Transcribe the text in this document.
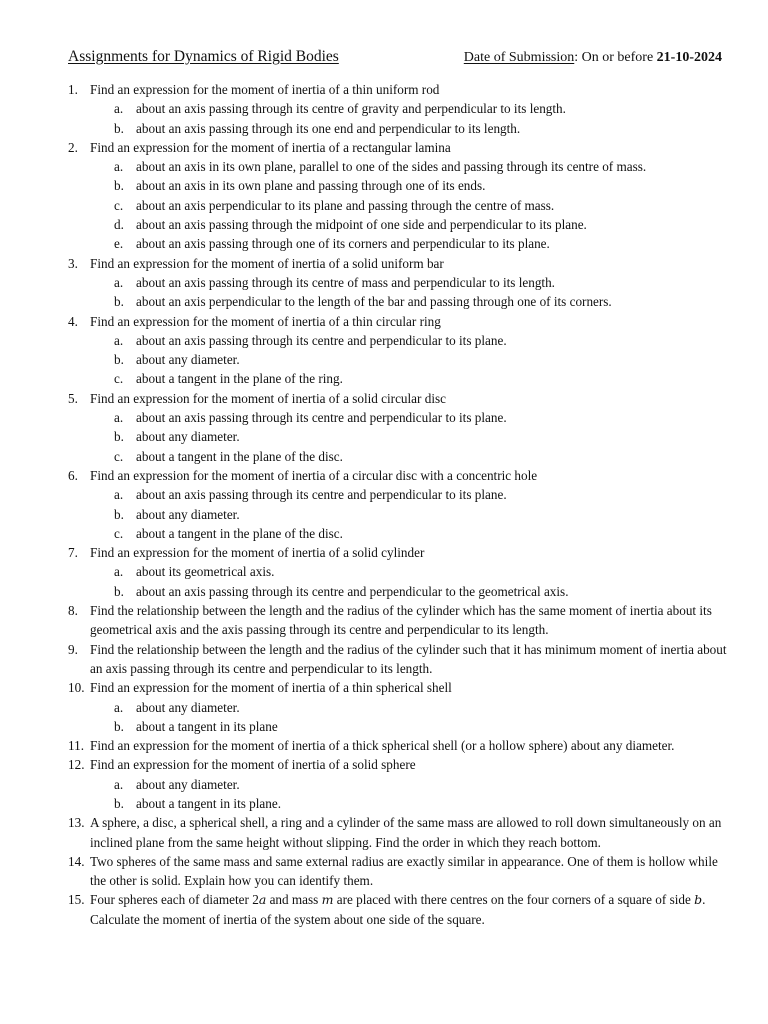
Assignments for Dynamics of Rigid Bodies	Date of Submission: On or before 21-10-2024
1. Find an expression for the moment of inertia of a thin uniform rod
a. about an axis passing through its centre of gravity and perpendicular to its length.
b. about an axis passing through its one end and perpendicular to its length.
2. Find an expression for the moment of inertia of a rectangular lamina
a. about an axis in its own plane, parallel to one of the sides and passing through its centre of mass.
b. about an axis in its own plane and passing through one of its ends.
c. about an axis perpendicular to its plane and passing through the centre of mass.
d. about an axis passing through the midpoint of one side and perpendicular to its plane.
e. about an axis passing through one of its corners and perpendicular to its plane.
3. Find an expression for the moment of inertia of a solid uniform bar
a. about an axis passing through its centre of mass and perpendicular to its length.
b. about an axis perpendicular to the length of the bar and passing through one of its corners.
4. Find an expression for the moment of inertia of a thin circular ring
a. about an axis passing through its centre and perpendicular to its plane.
b. about any diameter.
c. about a tangent in the plane of the ring.
5. Find an expression for the moment of inertia of a solid circular disc
a. about an axis passing through its centre and perpendicular to its plane.
b. about any diameter.
c. about a tangent in the plane of the disc.
6. Find an expression for the moment of inertia of a circular disc with a concentric hole
a. about an axis passing through its centre and perpendicular to its plane.
b. about any diameter.
c. about a tangent in the plane of the disc.
7. Find an expression for the moment of inertia of a solid cylinder
a. about its geometrical axis.
b. about an axis passing through its centre and perpendicular to the geometrical axis.
8. Find the relationship between the length and the radius of the cylinder which has the same moment of inertia about its geometrical axis and the axis passing through its centre and perpendicular to its length.
9. Find the relationship between the length and the radius of the cylinder such that it has minimum moment of inertia about an axis passing through its centre and perpendicular to its length.
10. Find an expression for the moment of inertia of a thin spherical shell
a. about any diameter.
b. about a tangent in its plane
11. Find an expression for the moment of inertia of a thick spherical shell (or a hollow sphere) about any diameter.
12. Find an expression for the moment of inertia of a solid sphere
a. about any diameter.
b. about a tangent in its plane.
13. A sphere, a disc, a spherical shell, a ring and a cylinder of the same mass are allowed to roll down simultaneously on an inclined plane from the same height without slipping. Find the order in which they reach bottom.
14. Two spheres of the same mass and same external radius are exactly similar in appearance. One of them is hollow while the other is solid. Explain how you can identify them.
15. Four spheres each of diameter 2a and mass m are placed with there centres on the four corners of a square of side b. Calculate the moment of inertia of the system about one side of the square.
